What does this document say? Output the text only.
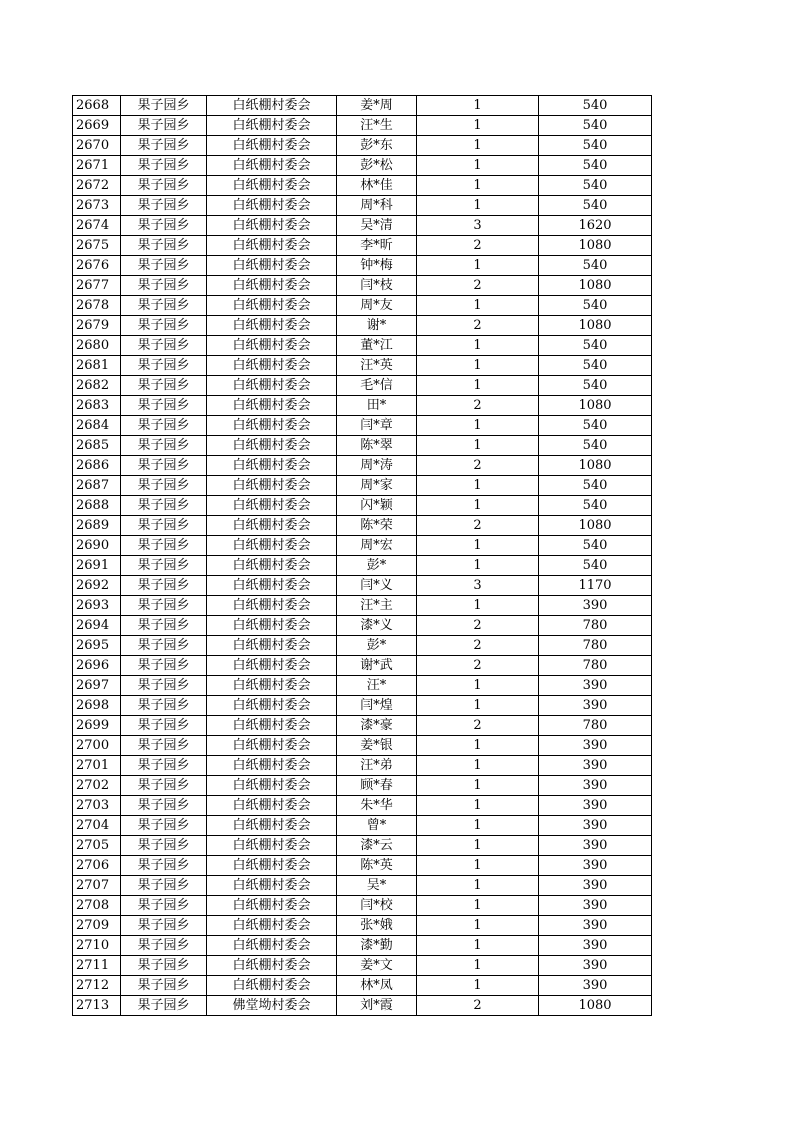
2668	果子园乡	白纸棚村委会	姜*周	1	540
2669	果子园乡	白纸棚村委会	汪*生	1	540
2670	果子园乡	白纸棚村委会	彭*东	1	540
2671	果子园乡	白纸棚村委会	彭*松	1	540
2672	果子园乡	白纸棚村委会	林*佳	1	540
2673	果子园乡	白纸棚村委会	周*科	1	540
2674	果子园乡	白纸棚村委会	吴*清	3	1620
2675	果子园乡	白纸棚村委会	李*昕	2	1080
2676	果子园乡	白纸棚村委会	钟*梅	1	540
2677	果子园乡	白纸棚村委会	闫*枝	2	1080
2678	果子园乡	白纸棚村委会	周*友	1	540
2679	果子园乡	白纸棚村委会	谢*	2	1080
2680	果子园乡	白纸棚村委会	董*江	1	540
2681	果子园乡	白纸棚村委会	汪*英	1	540
2682	果子园乡	白纸棚村委会	毛*信	1	540
2683	果子园乡	白纸棚村委会	田*	2	1080
2684	果子园乡	白纸棚村委会	闫*章	1	540
2685	果子园乡	白纸棚村委会	陈*翠	1	540
2686	果子园乡	白纸棚村委会	周*涛	2	1080
2687	果子园乡	白纸棚村委会	周*家	1	540
2688	果子园乡	白纸棚村委会	闪*颖	1	540
2689	果子园乡	白纸棚村委会	陈*荣	2	1080
2690	果子园乡	白纸棚村委会	周*宏	1	540
2691	果子园乡	白纸棚村委会	彭*	1	540
2692	果子园乡	白纸棚村委会	闫*义	3	1170
2693	果子园乡	白纸棚村委会	汪*主	1	390
2694	果子园乡	白纸棚村委会	漆*义	2	780
2695	果子园乡	白纸棚村委会	彭*	2	780
2696	果子园乡	白纸棚村委会	谢*武	2	780
2697	果子园乡	白纸棚村委会	汪*	1	390
2698	果子园乡	白纸棚村委会	闫*煌	1	390
2699	果子园乡	白纸棚村委会	漆*豪	2	780
2700	果子园乡	白纸棚村委会	姜*银	1	390
2701	果子园乡	白纸棚村委会	汪*弟	1	390
2702	果子园乡	白纸棚村委会	顾*春	1	390
2703	果子园乡	白纸棚村委会	朱*华	1	390
2704	果子园乡	白纸棚村委会	曾*	1	390
2705	果子园乡	白纸棚村委会	漆*云	1	390
2706	果子园乡	白纸棚村委会	陈*英	1	390
2707	果子园乡	白纸棚村委会	吴*	1	390
2708	果子园乡	白纸棚村委会	闫*校	1	390
2709	果子园乡	白纸棚村委会	张*娥	1	390
2710	果子园乡	白纸棚村委会	漆*勤	1	390
2711	果子园乡	白纸棚村委会	姜*文	1	390
2712	果子园乡	白纸棚村委会	林*凤	1	390
2713	果子园乡	佛堂坳村委会	刘*霞	2	1080
